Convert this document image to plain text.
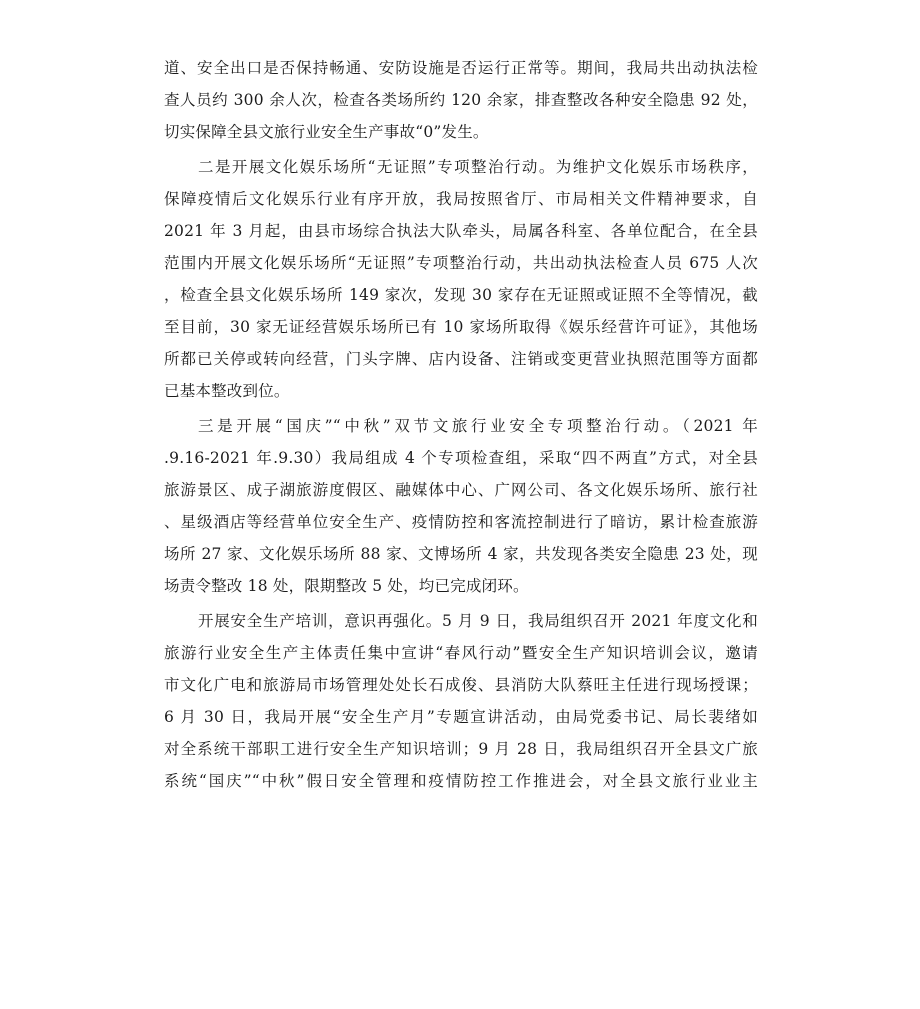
道、安全出口是否保持畅通、安防设施是否运行正常等。期间，我局共出动执法检
查人员约 300 余人次，检查各类场所约 120 余家，排查整改各种安全隐患 92 处，
切实保障全县文旅行业安全生产事故“0”发生。
二是开展文化娱乐场所“无证照”专项整治行动。为维护文化娱乐市场秩序，
保障疫情后文化娱乐行业有序开放，我局按照省厅、市局相关文件精神要求，自
2021 年 3 月起，由县市场综合执法大队牵头，局属各科室、各单位配合，在全县
范围内开展文化娱乐场所“无证照”专项整治行动，共出动执法检查人员 675 人次
，检查全县文化娱乐场所 149 家次，发现 30 家存在无证照或证照不全等情况，截
至目前，30 家无证经营娱乐场所已有 10 家场所取得《娱乐经营许可证》，其他场
所都已关停或转向经营，门头字牌、店内设备、注销或变更营业执照范围等方面都
已基本整改到位。
三是开展“国庆”“中秋”双节文旅行业安全专项整治行动。（2021 年
.9.16-2021 年.9.30）我局组成 4 个专项检查组，采取“四不两直”方式，对全县
旅游景区、成子湖旅游度假区、融媒体中心、广网公司、各文化娱乐场所、旅行社
、星级酒店等经营单位安全生产、疫情防控和客流控制进行了暗访，累计检查旅游
场所 27 家、文化娱乐场所 88 家、文博场所 4 家，共发现各类安全隐患 23 处，现
场责令整改 18 处，限期整改 5 处，均已完成闭环。
开展安全生产培训，意识再强化。5 月 9 日，我局组织召开 2021 年度文化和
旅游行业安全生产主体责任集中宣讲“春风行动”暨安全生产知识培训会议，邀请
市文化广电和旅游局市场管理处处长石成俊、县消防大队蔡旺主任进行现场授课；
6 月 30 日，我局开展“安全生产月”专题宣讲活动，由局党委书记、局长裴绪如
对全系统干部职工进行安全生产知识培训；9 月 28 日，我局组织召开全县文广旅
系统“国庆”“中秋”假日安全管理和疫情防控工作推进会，对全县文旅行业业主
